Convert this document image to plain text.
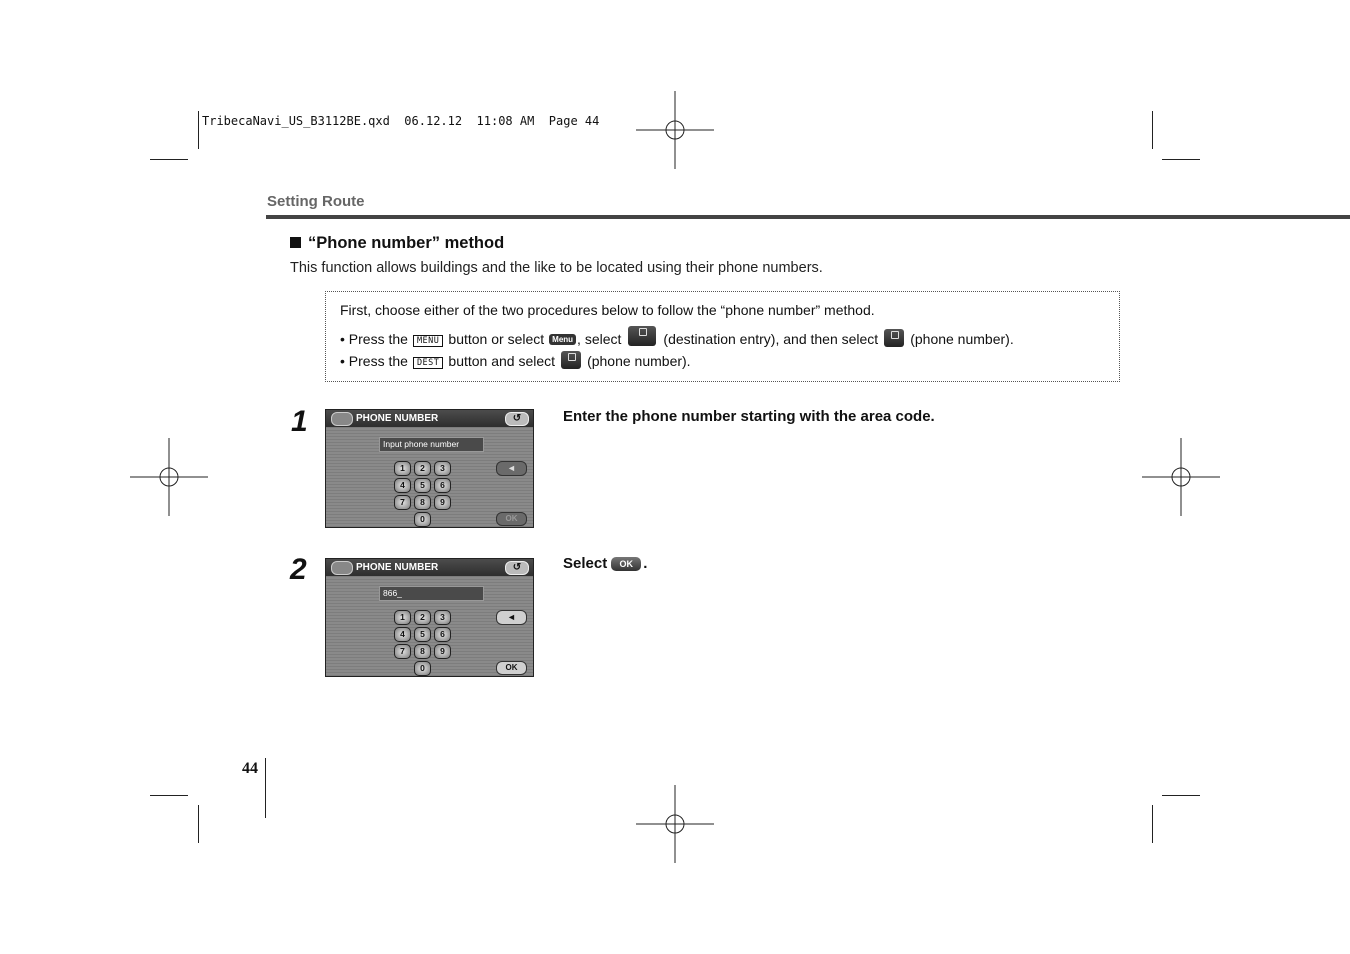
TribecaNavi_US_B3112BE.qxd  06.12.12  11:08 AM  Page 44
Setting Route
“Phone number” method
This function allows buildings and the like to be located using their phone numbers.
First, choose either of the two procedures below to follow the “phone number” method.
• Press the MENU button or select Menu , select	(destination entry), and then select (phone number).
• Press the DEST button and select (phone number).
1	PHONE NUMBER	↺
Input phone number
1	2	3
4	5	6
7	8	9
0
◄
OK
Enter the phone number starting with the area code.
2	PHONE NUMBER	↺
866_
1	2	3
4	5	6
7	8	9
0
◄
OK
Select OK .
44
